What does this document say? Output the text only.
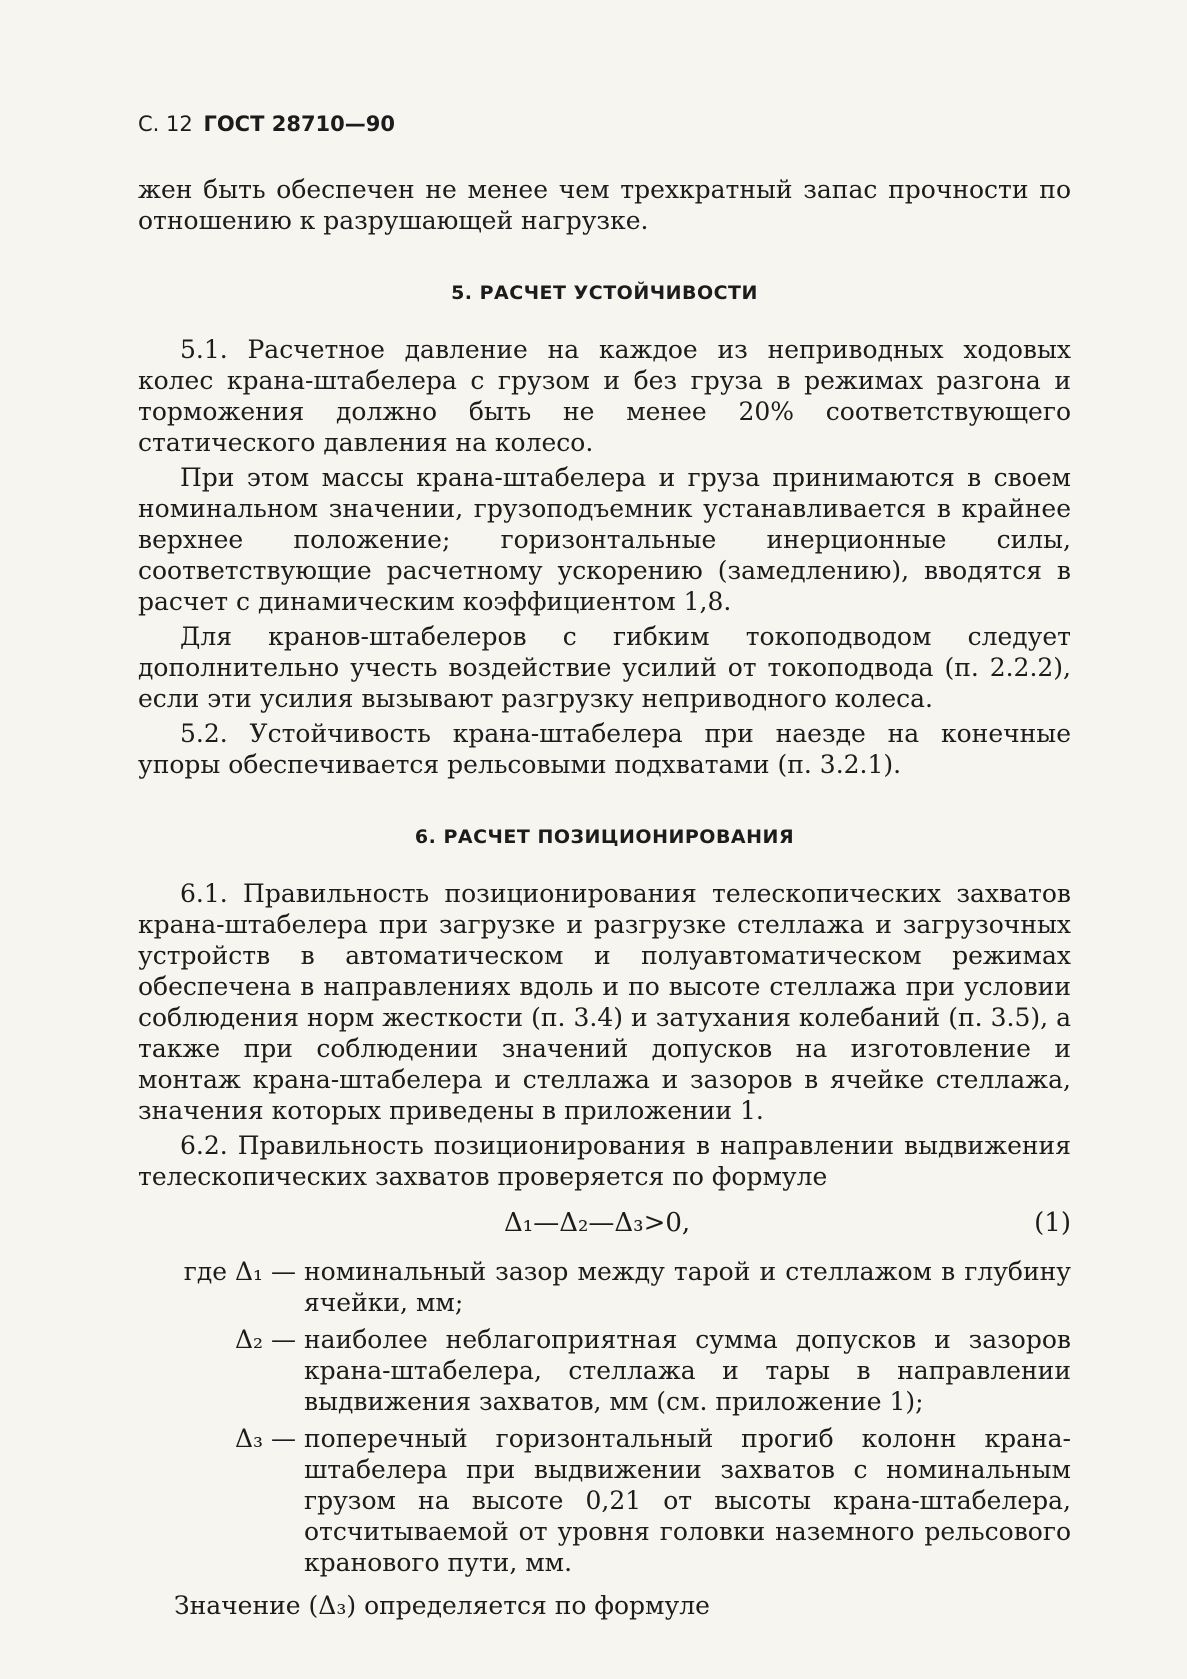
С. 12 ГОСТ 28710—90

жен быть обеспечен не менее чем трехкратный запас прочности по отношению к разрушающей нагрузке.

5. РАСЧЕТ УСТОЙЧИВОСТИ

5.1. Расчетное давление на каждое из неприводных ходовых колес крана-штабелера с грузом и без груза в режимах разгона и торможения должно быть не менее 20% соответствующего статического давления на колесо.

При этом массы крана-штабелера и груза принимаются в своем номинальном значении, грузоподъемник устанавливается в крайнее верхнее положение; горизонтальные инерционные силы, соответствующие расчетному ускорению (замедлению), вводятся в расчет с динамическим коэффициентом 1,8.

Для кранов-штабелеров с гибким токоподводом следует дополнительно учесть воздействие усилий от токоподвода (п. 2.2.2), если эти усилия вызывают разгрузку неприводного колеса.

5.2. Устойчивость крана-штабелера при наезде на конечные упоры обеспечивается рельсовыми подхватами (п. 3.2.1).

6. РАСЧЕТ ПОЗИЦИОНИРОВАНИЯ

6.1. Правильность позиционирования телескопических захватов крана-штабелера при загрузке и разгрузке стеллажа и загрузочных устройств в автоматическом и полуавтоматическом режимах обеспечена в направлениях вдоль и по высоте стеллажа при условии соблюдения норм жесткости (п. 3.4) и затухания колебаний (п. 3.5), а также при соблюдении значений допусков на изготовление и монтаж крана-штабелера и стеллажа и зазоров в ячейке стеллажа, значения которых приведены в приложении 1.

6.2. Правильность позиционирования в направлении выдвижения телескопических захватов проверяется по формуле

Δ₁—Δ₂—Δ₃>0,	(1)
где Δ₁ — номинальный зазор между тарой и стеллажом в глубину ячейки, мм;
Δ₂ — наиболее неблагоприятная сумма допусков и зазоров крана-штабелера, стеллажа и тары в направлении выдвижения захватов, мм (см. приложение 1);
Δ₃ — поперечный горизонтальный прогиб колонн крана-штабелера при выдвижении захватов с номинальным грузом на высоте 0,21 от высоты крана-штабелера, отсчитываемой от уровня головки наземного рельсового кранового пути, мм.

Значение (Δ₃) определяется по формуле
